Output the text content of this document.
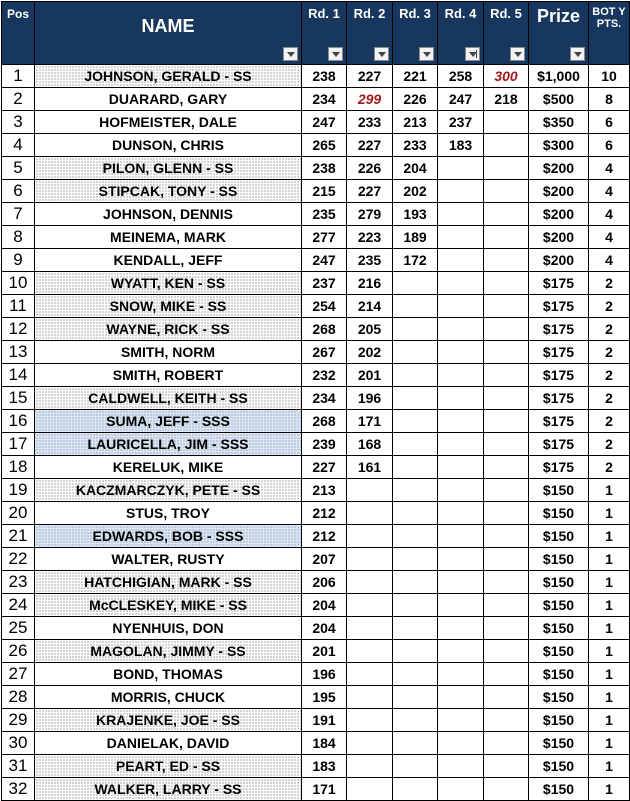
Pos	NAME	Rd. 1	Rd. 2	Rd. 3	Rd. 4	Rd. 5	Prize	BOT Y PTS.
1	JOHNSON, GERALD - SS	238	227	221	258	300	$1,000	10
2	DUARARD, GARY	234	299	226	247	218	$500	8
3	HOFMEISTER, DALE	247	233	213	237		$350	6
4	DUNSON, CHRIS	265	227	233	183		$300	6
5	PILON, GLENN - SS	238	226	204			$200	4
6	STIPCAK, TONY - SS	215	227	202			$200	4
7	JOHNSON, DENNIS	235	279	193			$200	4
8	MEINEMA, MARK	277	223	189			$200	4
9	KENDALL, JEFF	247	235	172			$200	4
10	WYATT, KEN - SS	237	216				$175	2
11	SNOW, MIKE - SS	254	214				$175	2
12	WAYNE, RICK - SS	268	205				$175	2
13	SMITH, NORM	267	202				$175	2
14	SMITH, ROBERT	232	201				$175	2
15	CALDWELL, KEITH - SS	234	196				$175	2
16	SUMA, JEFF - SSS	268	171				$175	2
17	LAURICELLA, JIM - SSS	239	168				$175	2
18	KERELUK, MIKE	227	161				$175	2
19	KACZMARCZYK, PETE - SS	213					$150	1
20	STUS, TROY	212					$150	1
21	EDWARDS, BOB - SSS	212					$150	1
22	WALTER, RUSTY	207					$150	1
23	HATCHIGIAN, MARK - SS	206					$150	1
24	McCLESKEY, MIKE - SS	204					$150	1
25	NYENHUIS, DON	204					$150	1
26	MAGOLAN, JIMMY - SS	201					$150	1
27	BOND, THOMAS	196					$150	1
28	MORRIS, CHUCK	195					$150	1
29	KRAJENKE, JOE - SS	191					$150	1
30	DANIELAK, DAVID	184					$150	1
31	PEART, ED - SS	183					$150	1
32	WALKER, LARRY - SS	171					$150	1
